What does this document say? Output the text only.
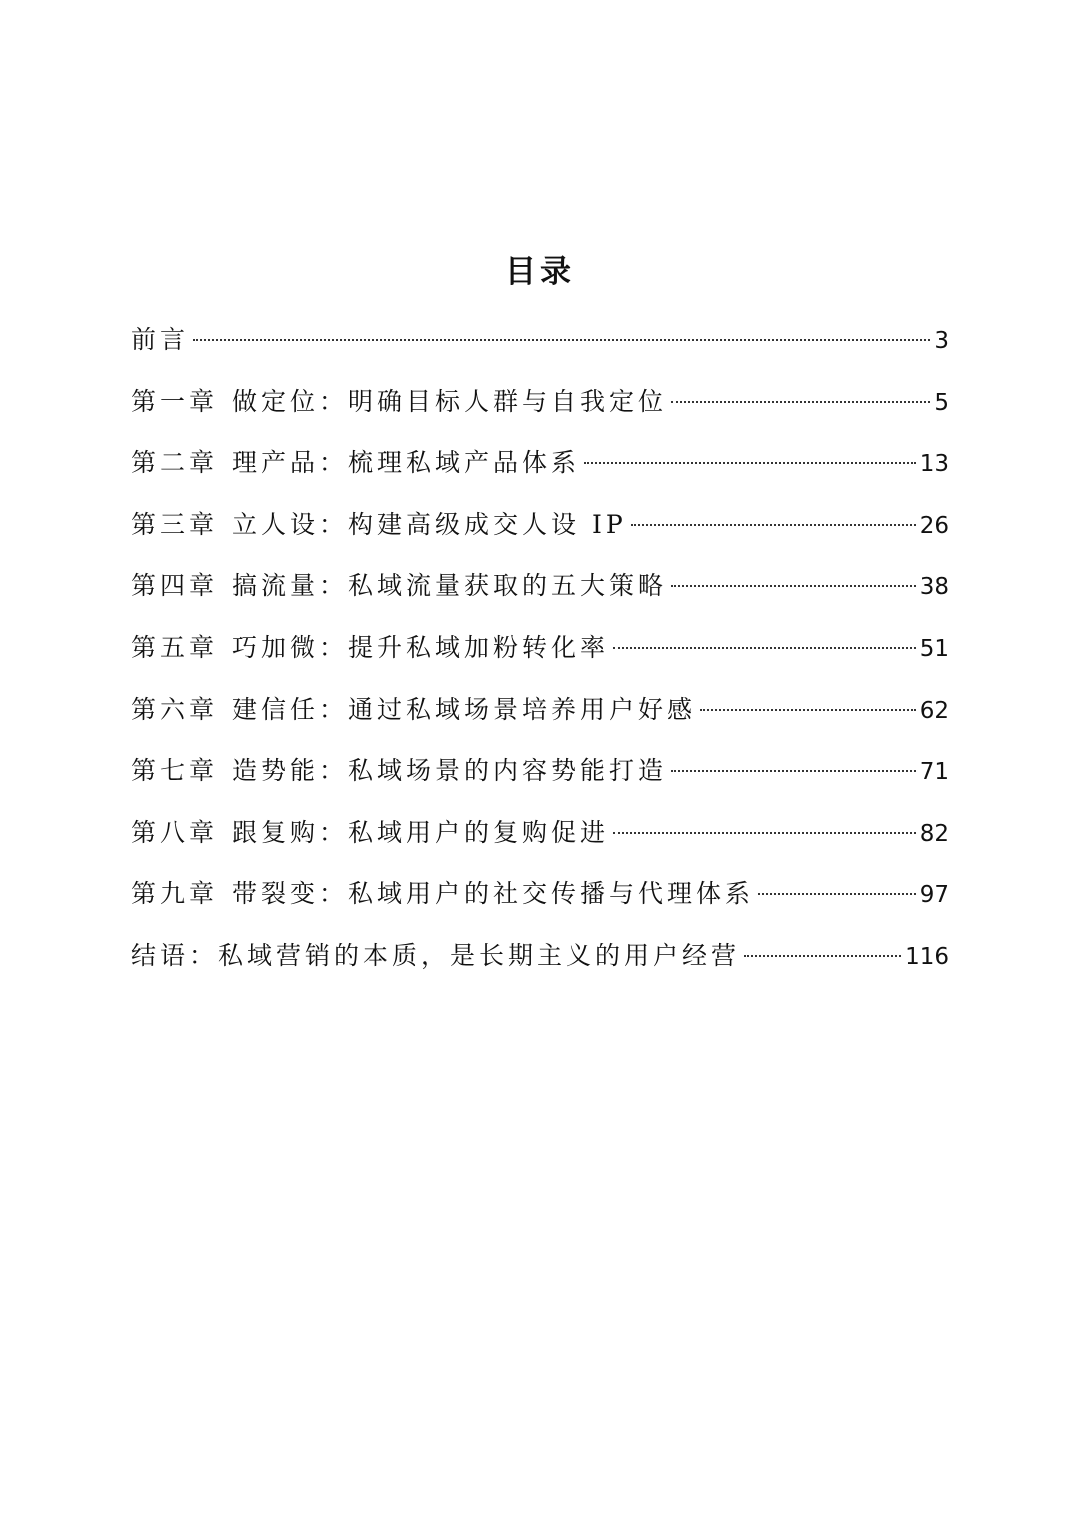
目录
前言	3
第一章 做定位：明确目标人群与自我定位	5
第二章 理产品：梳理私域产品体系	13
第三章 立人设：构建高级成交人设 IP	26
第四章 搞流量：私域流量获取的五大策略	38
第五章 巧加微：提升私域加粉转化率	51
第六章 建信任：通过私域场景培养用户好感	62
第七章 造势能：私域场景的内容势能打造	71
第八章 跟复购：私域用户的复购促进	82
第九章 带裂变：私域用户的社交传播与代理体系	97
结语：私域营销的本质，是长期主义的用户经营	116
